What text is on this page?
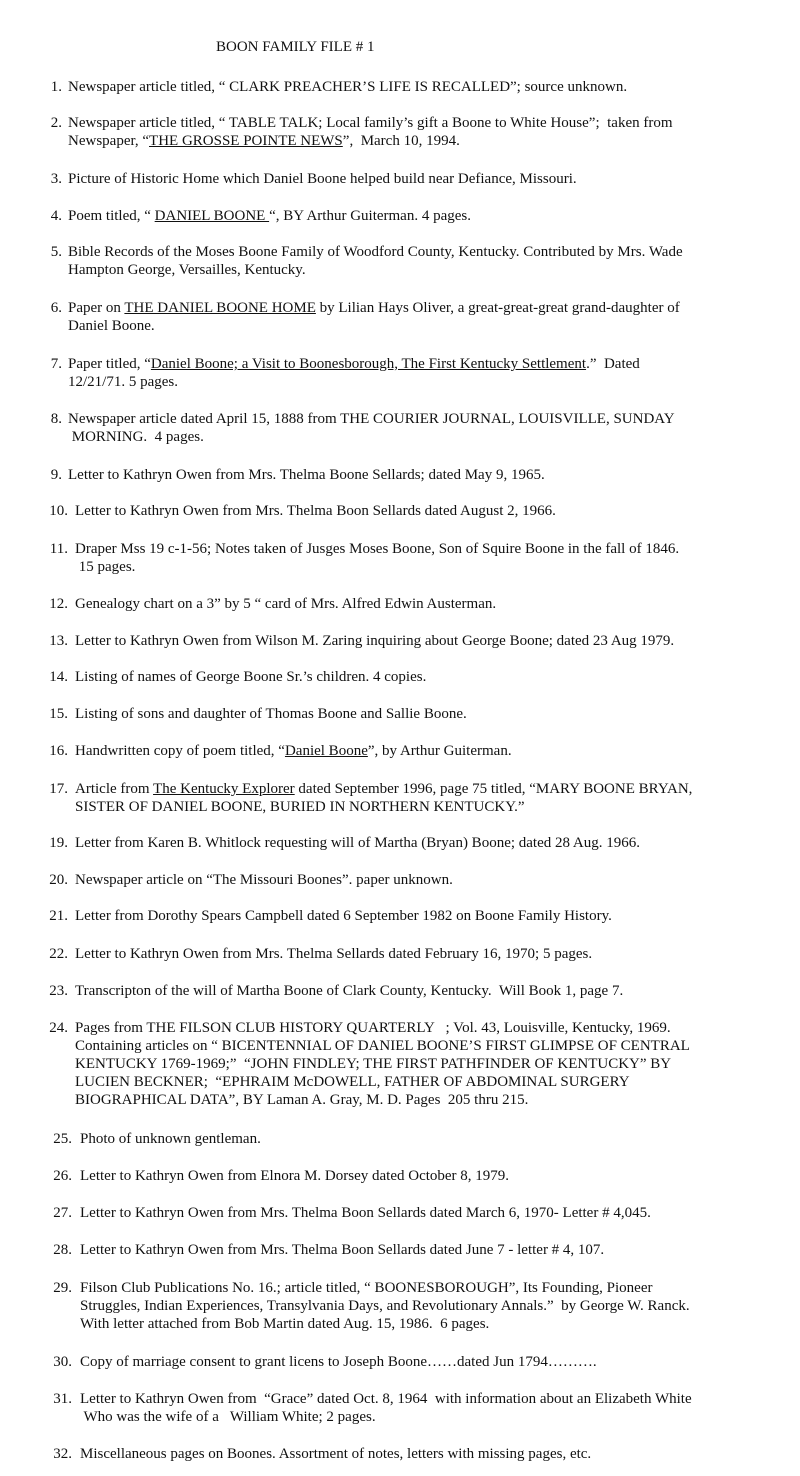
BOON FAMILY FILE # 1
1. Newspaper article titled, “ CLARK PREACHER’S LIFE IS RECALLED”; source unknown.
2. Newspaper article titled, “ TABLE TALK; Local family’s gift a Boone to White House”;  taken from
Newspaper, “THE GROSSE POINTE NEWS”,  March 10, 1994.
3. Picture of Historic Home which Daniel Boone helped build near Defiance, Missouri.
4. Poem titled, “ DANIEL BOONE “, BY Arthur Guiterman. 4 pages.
5. Bible Records of the Moses Boone Family of Woodford County, Kentucky. Contributed by Mrs. Wade
Hampton George, Versailles, Kentucky.
6. Paper on THE DANIEL BOONE HOME by Lilian Hays Oliver, a great-great-great grand-daughter of
Daniel Boone.
7. Paper titled, “Daniel Boone; a Visit to Boonesborough, The First Kentucky Settlement.”  Dated
12/21/71. 5 pages.
8. Newspaper article dated April 15, 1888 from THE COURIER JOURNAL, LOUISVILLE, SUNDAY
MORNING.  4 pages.
9. Letter to Kathryn Owen from Mrs. Thelma Boone Sellards; dated May 9, 1965.
10. Letter to Kathryn Owen from Mrs. Thelma Boon Sellards dated August 2, 1966.
11. Draper Mss 19 c-1-56; Notes taken of Jusges Moses Boone, Son of Squire Boone in the fall of 1846.
15 pages.
12. Genealogy chart on a 3” by 5 “ card of Mrs. Alfred Edwin Austerman.
13. Letter to Kathryn Owen from Wilson M. Zaring inquiring about George Boone; dated 23 Aug 1979.
14. Listing of names of George Boone Sr.’s children. 4 copies.
15. Listing of sons and daughter of Thomas Boone and Sallie Boone.
16. Handwritten copy of poem titled, “Daniel Boone”, by Arthur Guiterman.
17. Article from The Kentucky Explorer dated September 1996, page 75 titled, “MARY BOONE BRYAN,
SISTER OF DANIEL BOONE, BURIED IN NORTHERN KENTUCKY.”
19. Letter from Karen B. Whitlock requesting will of Martha (Bryan) Boone; dated 28 Aug. 1966.
20. Newspaper article on “The Missouri Boones”. paper unknown.
21. Letter from Dorothy Spears Campbell dated 6 September 1982 on Boone Family History.
22. Letter to Kathryn Owen from Mrs. Thelma Sellards dated February 16, 1970; 5 pages.
23. Transcripton of the will of Martha Boone of Clark County, Kentucky.  Will Book 1, page 7.
24. Pages from THE FILSON CLUB HISTORY QUARTERLY   ; Vol. 43, Louisville, Kentucky, 1969.
Containing articles on “ BICENTENNIAL OF DANIEL BOONE’S FIRST GLIMPSE OF CENTRAL
KENTUCKY 1769-1969;”  “JOHN FINDLEY; THE FIRST PATHFINDER OF KENTUCKY” BY
LUCIEN BECKNER;  “EPHRAIM McDOWELL, FATHER OF ABDOMINAL SURGERY
BIOGRAPHICAL DATA”, BY Laman A. Gray, M. D. Pages  205 thru 215.
25. Photo of unknown gentleman.
26. Letter to Kathryn Owen from Elnora M. Dorsey dated October 8, 1979.
27. Letter to Kathryn Owen from Mrs. Thelma Boon Sellards dated March 6, 1970- Letter # 4,045.
28. Letter to Kathryn Owen from Mrs. Thelma Boon Sellards dated June 7 - letter # 4, 107.
29. Filson Club Publications No. 16.; article titled, “ BOONESBOROUGH”, Its Founding, Pioneer
Struggles, Indian Experiences, Transylvania Days, and Revolutionary Annals.”  by George W. Ranck.
With letter attached from Bob Martin dated Aug. 15, 1986.  6 pages.
30. Copy of marriage consent to grant licens to Joseph Boone……dated Jun 1794……….
31. Letter to Kathryn Owen from  “Grace” dated Oct. 8, 1964  with information about an Elizabeth White
Who was the wife of a   William White; 2 pages.
32. Miscellaneous pages on Boones. Assortment of notes, letters with missing pages, etc.
